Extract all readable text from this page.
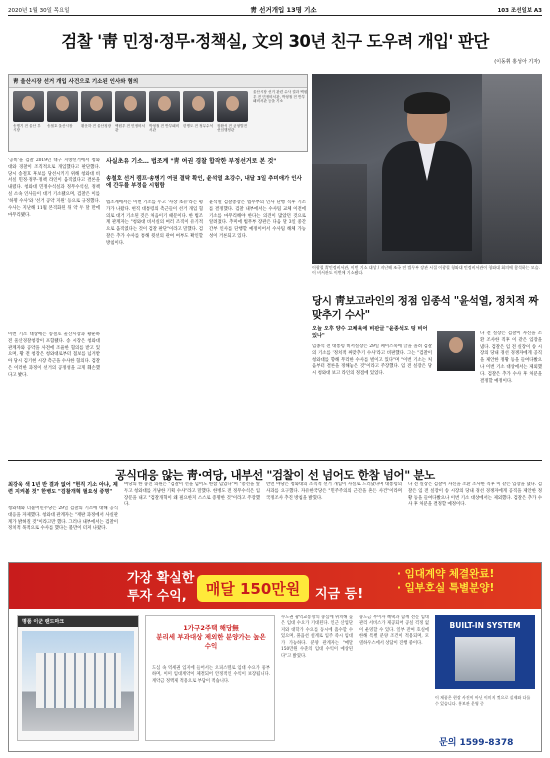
2020년 1월 30일 목요일	靑 선거개입 13명 기소	103 조선일보 A3
검찰 '靑 민정·정무·정책실, 文의 30년 친구 도우려 개입' 판단
(이동휘 홍성아 기자)
靑 울산시장 선거 개입 사건으로 기소된 인사와 혐의
송병기 전 울산 부시장
송철호 울산시장	황운하 전 울산청장 백원우 전 민정비서관
박형철 전 반부패비서관
한병도 전 정무수석 장환석 전 균형발전 선임행정관
울산시장 선거 관련 수사 결과 백원우 전 민정비서관, 박형철 전 반부패비서관 등을 기소
'공비'을 검찰 2019년 대구 지방선거에서 청와대와 경찰이 조직적으로 개입했다고 판단했다. 당시 송철호 후보를 당선시키기 위해 청와대 비서실 민정·정무·정책 라인이 움직였다고 결론을 내렸다. 청와대 민정수석실과 정무수석실, 정책실 소속 인사들이 대거 기소됐으며, 검찰은 이를 '하명 수사'와 '선거 공약 지원' 등으로 규정했다. 수사는 지난해 11월 본격화된 뒤 약 두 달 만에 마무리됐다.
이번 기소 대상에는 송철호 울산시장과 황운하 전 울산경찰청장이 포함됐다. 송 시장은 청와대 관계자와 공약을 사전에 조율한 혐의를 받고 있으며, 황 전 청장은 청와대로부터 첩보를 넘겨받아 당시 김기현 시장 측근을 수사한 혐의다. 검찰은 이러한 과정이 선거의 공정성을 크게 훼손했다고 봤다.
사실초유 기소… 법조계 "靑 여권 경찰 합작한 부정선거로 본 것"
송철호 선거 캠프·송병기 여권 결탁 확인, 윤석열 초강수, 내달 3일 추미애가 인사에 간두를 부정을 시험함
법조계에서는 이번 기소를 두고 '사상 초유'라는 평가가 나왔다. 현직 대통령의 측근들이 선거 개입 혐의로 대거 기소된 것은 처음이기 때문이다. 한 법조계 관계자는 "청와대 비서실의 여러 조직이 유기적으로 움직였다는 것이 검찰 판단"이라고 말했다. 검찰은 추가 수사를 통해 윗선의 관여 여부도 확인할 방침이다.
윤석열 검찰총장은 법무부의 인사 단행 직후 기소를 결정했다. 검찰 내부에서는 수사팀 교체 이전에 기소를 마무리해야 한다는 의견이 많았던 것으로 알려졌다. 추미애 법무부 장관은 다음 달 3일 중간 간부 인사를 단행할 예정이어서 수사팀 해체 가능성이 거론되고 있다.
이광철 靑민정비서관, 이번 기소 대상 / 지난해 조국 전 법무부 장관 시절 이광철 청와대 민정비서관이 청와대 회의에 참석하는 모습. 이 비서관도 이번에 기소됐다.
당시 靑보고라인의 정점 임종석 "윤석열, 정치적 짜맞추기 수사"
오늘 오후 양수 고체육에 비판글 "윤종석도 텅 비어 있나"
임종석 전 대통령 비서실장은 29일 페이스북에 글을 올려 검찰의 기소를 '정치적 짜맞추기 수사'라고 비판했다. 그는 "검찰이 청와대를 향해 무리한 수사를 벌이고 있다"며 "이번 기소는 처음부터 결론을 정해놓은 것"이라고 주장했다. 임 전 실장은 당시 청와대 보고 라인의 정점에 있었다.
나 전 실장은 검찰이 자신을 소환 조사한 직후 이 같은 입장을 냈다. 검찰은 임 전 실장이 송 시장의 당내 경선 경쟁자에게 공직을 제안한 정황 등을 들여다봤으나 이번 기소 대상에서는 제외했다. 검찰은 추가 수사 후 처분을 결정할 예정이다.
공식대응 않는 靑·여당, 내부선 "검찰이 선 넘어도 한참 넘어" 분노
최강욱 색 1년 반 결과 없어 "현직 기소 아냐, 제련 지켜볼 것" 한병도 "검찰개혁 필요성 증명"
청와대와 더불어민주당은 29일 검찰의 기소에 대해 공식 대응을 자제했다. 청와대 관계자는 "재판 과정에서 사실관계가 밝혀질 것"이라고만 했다. 그러나 내부에서는 검찰이 정치적 목적으로 수사를 했다는 불만이 터져 나왔다.
여당의 한 중진 의원은 "검찰이 선을 넘어도 한참 넘었다"며 "총선을 앞두고 청와대를 겨냥한 기획 수사"라고 말했다. 한병도 전 정무수석은 입장문을 내고 "검찰개혁이 왜 필요한지 스스로 증명한 것"이라고 주장했다.
반면 야당은 청와대의 조직적 선거 개입이 사실로 드러났다며 대통령의 사과를 요구했다. 자유한국당은 "민주주의의 근간을 흔든 사건"이라며 국정조사 추진 방침을 밝혔다.
나 전 실장은 검찰이 자신을 소환 조사한 직후 이 같은 입장을 냈다. 검찰은 임 전 실장이 송 시장의 당내 경선 경쟁자에게 공직을 제안한 정황 등을 들여다봤으나 이번 기소 대상에서는 제외했다. 검찰은 추가 수사 후 처분을 결정할 예정이다.
가장 확실한
투자 수익,	매달 150만원	지금 등!
· 임대계약 체결완료!
· 일부호실 특별분양!
명품 이군 랜드마크
1가구2주택 해당無
분리세 부과대상 제외한 분양가는 높은 수익
도심 속 역세권 입지에 들어서는 오피스텔로 임대 수요가 풍부하며, 이미 임대계약이 체결되어 안정적인 수익이 보장됩니다. 계약금 정액제 적용으로 부담이 적습니다.
수도권 광역교통망의 중심에 위치해 높은 임대 수요가 기대된다. 인근 산업단지와 대학가 수요를 동시에 흡수할 수 있으며, 풀옵션 설계로 입주 즉시 임대가 가능하다. 분양 관계자는 "매달 150만원 수준의 임대 수익이 예상된다"고 밝혔다.
중도금 무이자 혜택과 함께 전문 임대관리 서비스가 제공되어 공실 걱정 없이 운영할 수 있다. 일부 잔여 호실에 한해 특별 분양 조건이 적용되며, 모델하우스에서 상담이 진행 중이다.
BUILT-IN SYSTEM
이 제품은 현장 사진이 아닌 이미지 컷으로 실제와 다를 수 있습니다. 홍보관 운영 중
문의 1599-8378
